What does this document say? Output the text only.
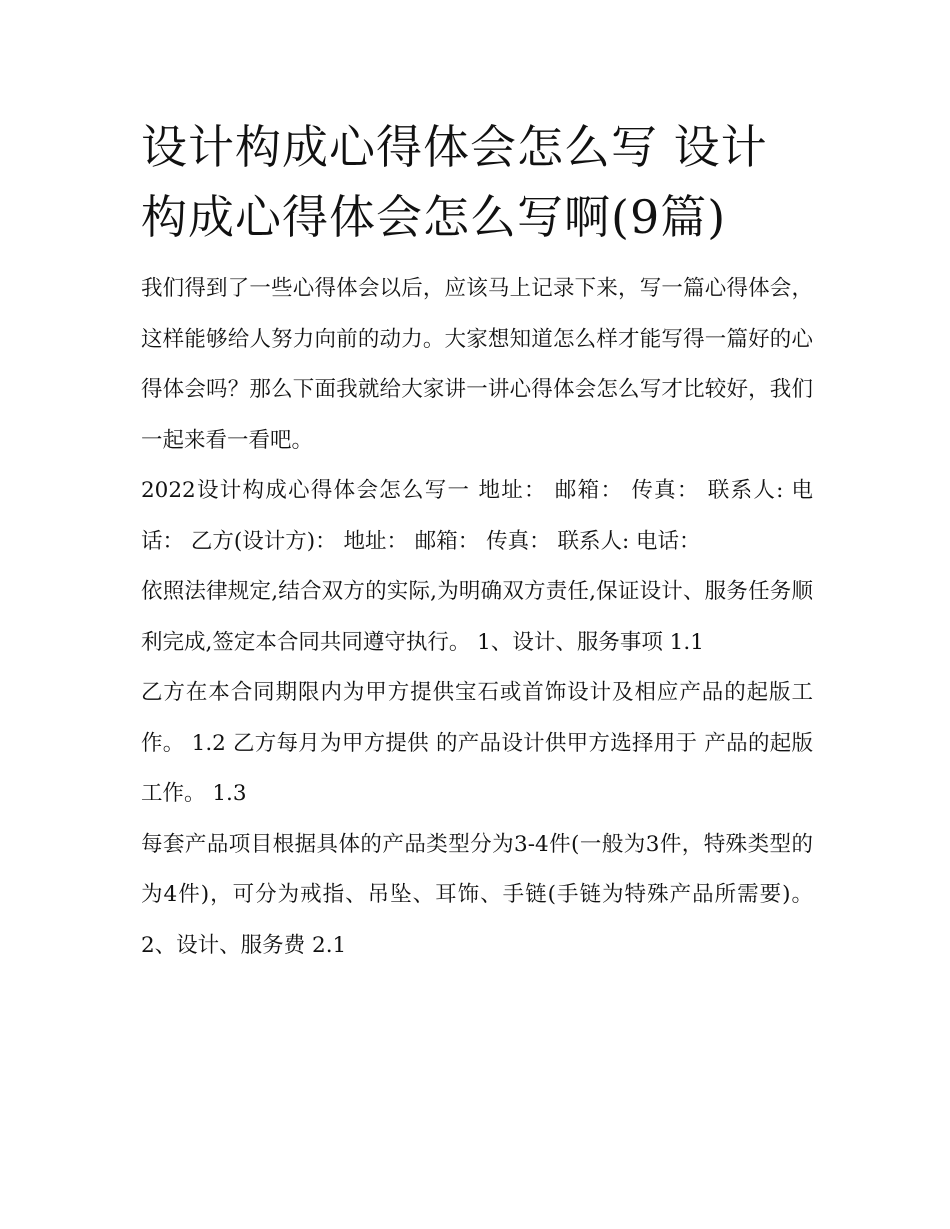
设计构成心得体会怎么写 设计构成心得体会怎么写啊(9篇)

我们得到了一些心得体会以后，应该马上记录下来，写一篇心得体会，这样能够给人努力向前的动力。大家想知道怎么样才能写得一篇好的心得体会吗？那么下面我就给大家讲一讲心得体会怎么写才比较好，我们一起来看一看吧。

2022设计构成心得体会怎么写一 地址： 邮箱： 传真： 联系人: 电话： 乙方(设计方)： 地址： 邮箱： 传真： 联系人: 电话：

依照法律规定,结合双方的实际,为明确双方责任,保证设计、服务任务顺利完成,签定本合同共同遵守执行。 1、设计、服务事项 1.1

乙方在本合同期限内为甲方提供宝石或首饰设计及相应产品的起版工作。 1.2 乙方每月为甲方提供 的产品设计供甲方选择用于 产品的起版工作。 1.3

每套产品项目根据具体的产品类型分为3-4件(一般为3件，特殊类型的为4件)，可分为戒指、吊坠、耳饰、手链(手链为特殊产品所需要)。 2、设计、服务费 2.1
